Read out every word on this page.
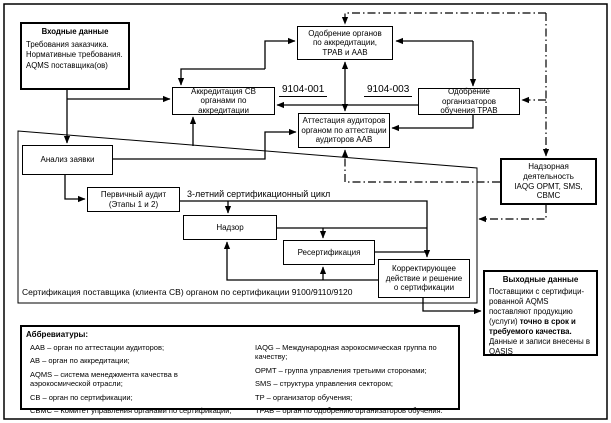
Входные данные
Требования заказчика.
Нормативные требования.
AQMS поставщика(ов)
Одобрение органов
по аккредитации,
ТРАВ и ААВ
Аккредитация СВ
органами по аккредитации
Одобрение организаторов
обучения ТРАВ
Аттестация аудиторов
органом по аттестации
аудиторов ААВ
9104-001	9104-003
Анализ заявки
Первичный аудит
(Этапы 1 и 2)
3-летний сертификационный цикл
Надзор
Ресертификация
Корректирующее
действие и решение
о сертификации
Сертификация поставщика (клиента СВ) органом по сертификации 9100/9110/9120
Надзорная
деятельность
IAQG ОРМТ, SMS,
СВМС
Выходные данные
Поставщики с сертифици-рованной AQMS поставляют продукцию (услуги) точно в срок и требуемого качества.
Данные и записи внесены в OASIS
Аббревиатуры:
ААВ – орган по аттестации аудиторов;
АВ – орган по аккредитации;
AQMS – система менеджмента качества в аэрокосмической отрасли;
СВ – орган по сертификации;
СВМС – Комитет управления органами по сертификации;
IAQG – Международная аэрокосмическая группа по качеству;
ОРМТ – группа управления третьими сторонами;
SMS – структура управления сектором;
ТР – организатор обучения;
ТРАВ – орган по одобрению организаторов обучения.
